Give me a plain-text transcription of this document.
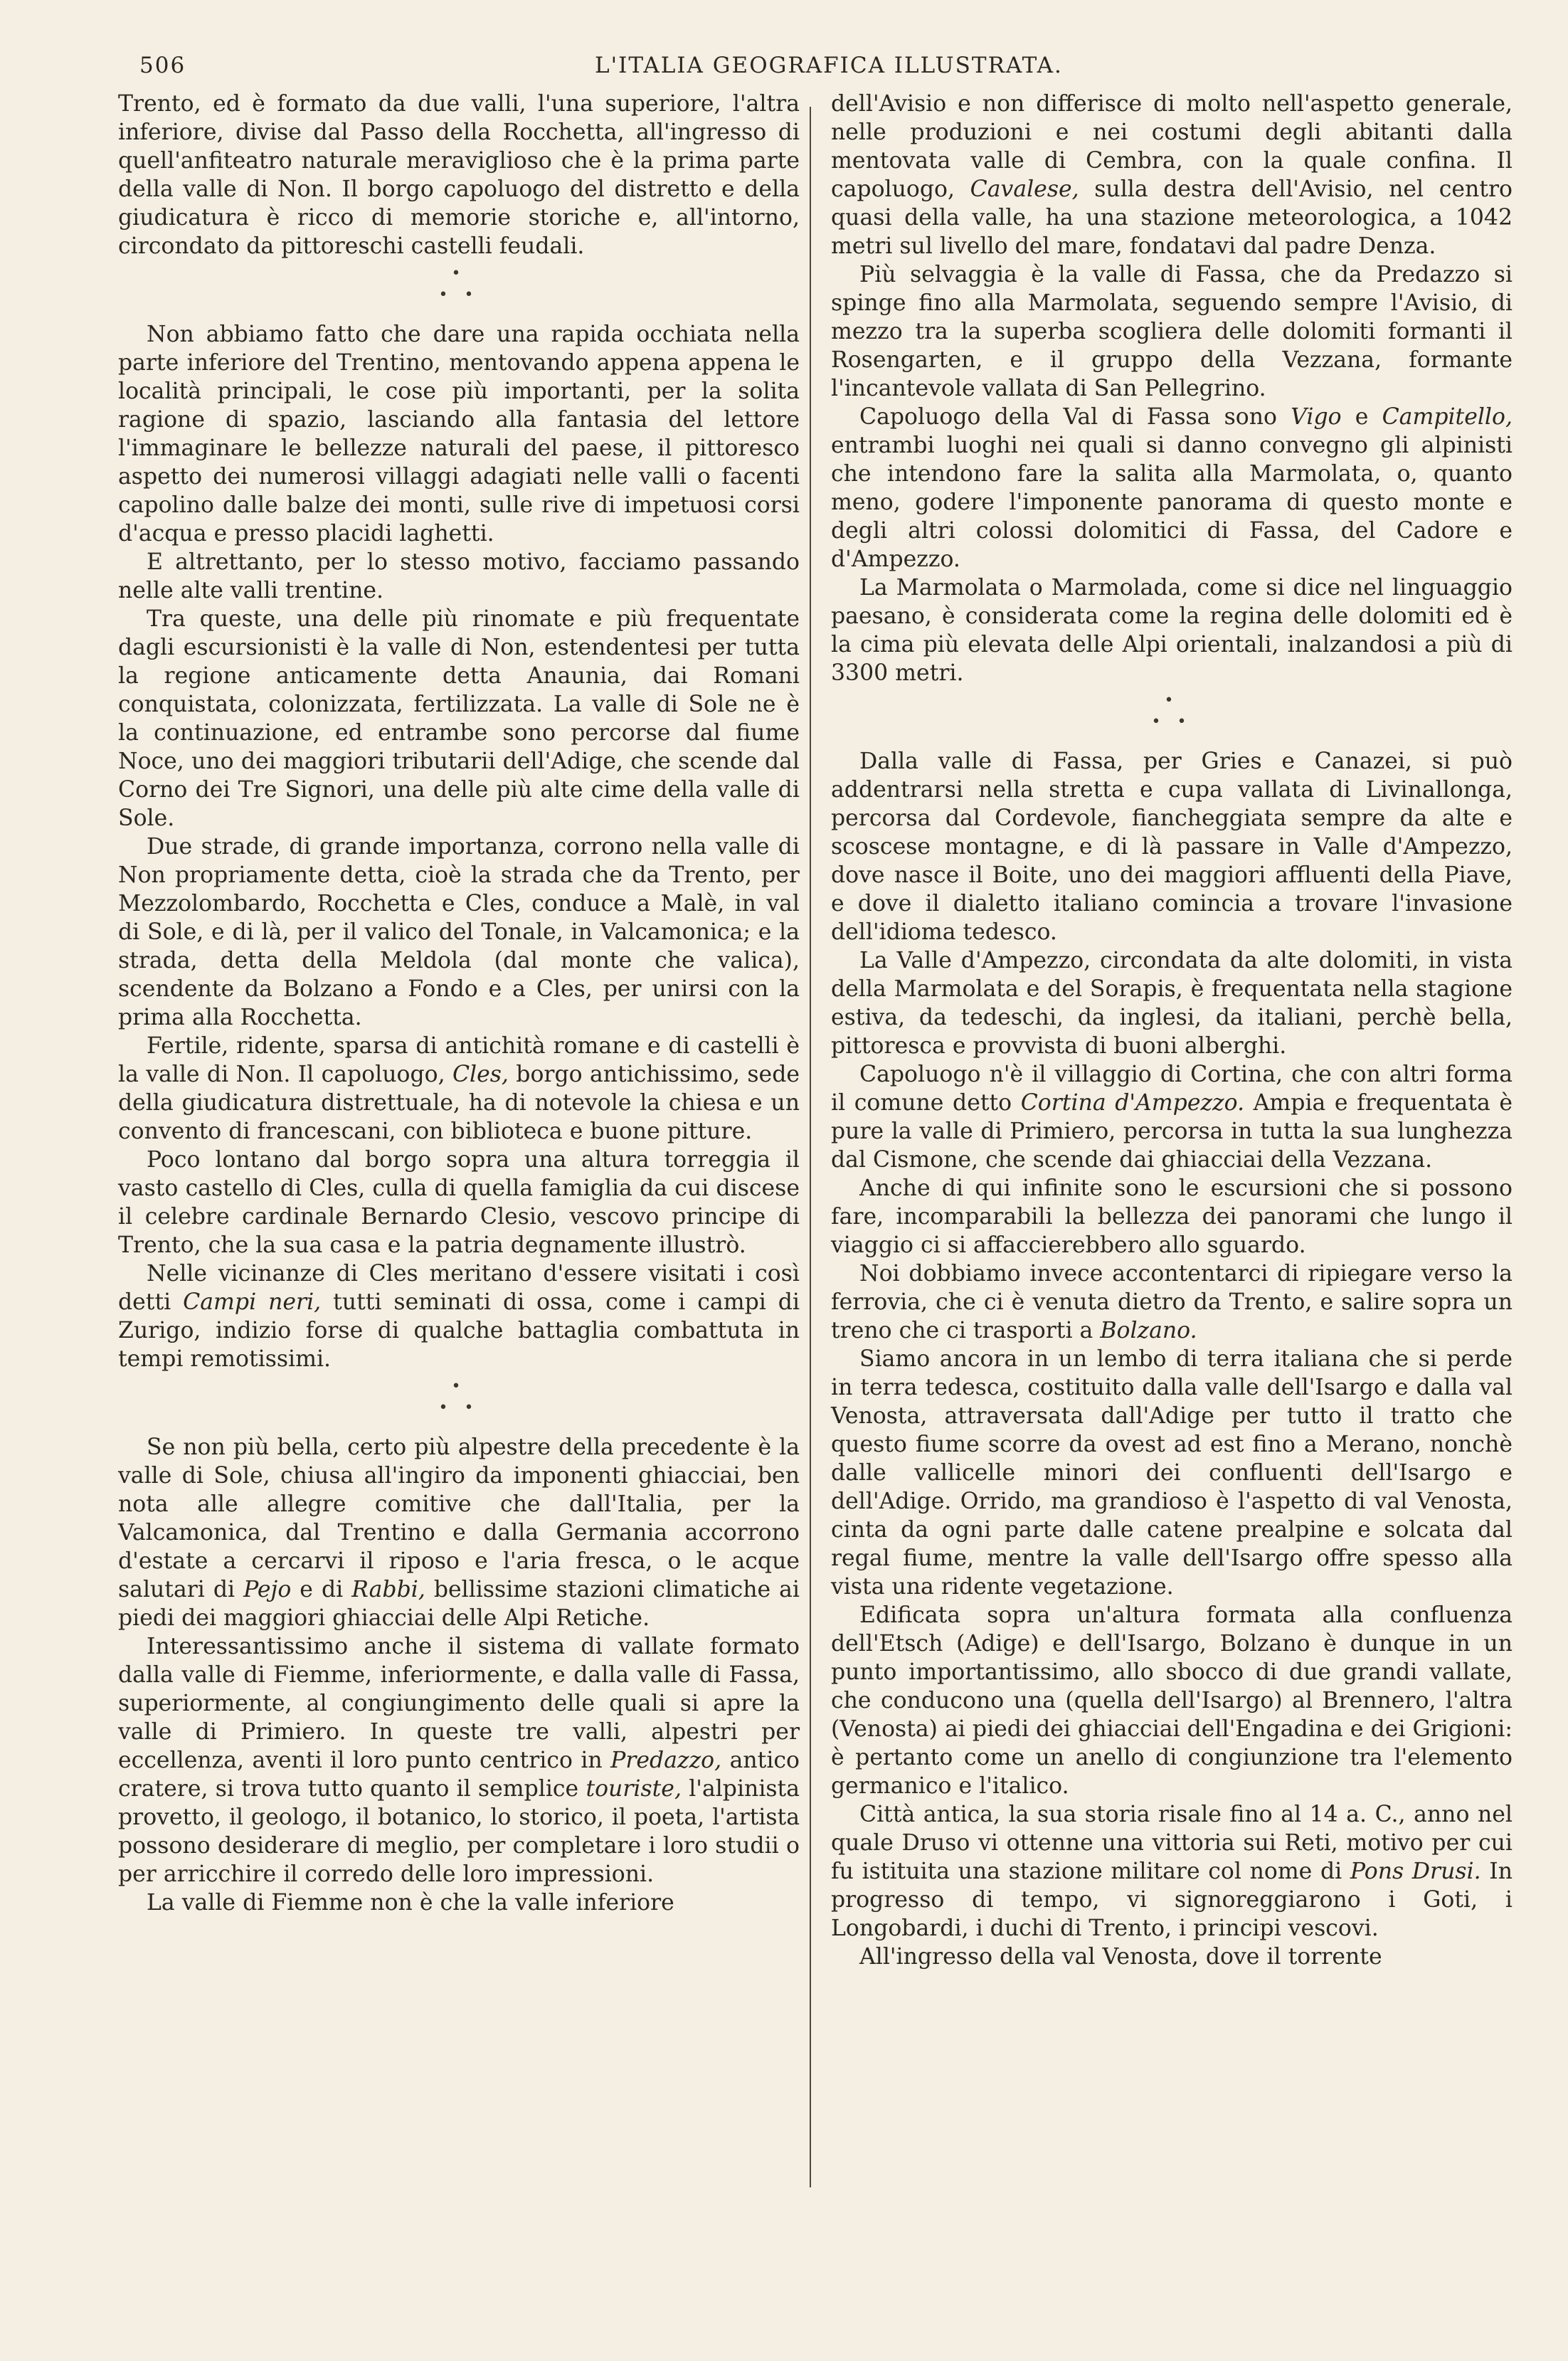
506	L'ITALIA GEOGRAFICA ILLUSTRATA.

Trento, ed è formato da due valli, l'una superiore, l'altra inferiore, divise dal Passo della Rocchetta, all'ingresso di quell'anfiteatro naturale meraviglioso che è la prima parte della valle di Non. Il borgo capoluogo del distretto e della giudicatura è ricco di memorie storiche e, all'intorno, circondato da pittoreschi castelli feudali.

•
• •

Non abbiamo fatto che dare una rapida occhiata nella parte inferiore del Trentino, mentovando appena appena le località principali, le cose più importanti, per la solita ragione di spazio, lasciando alla fantasia del lettore l'immaginare le bellezze naturali del paese, il pittoresco aspetto dei numerosi villaggi adagiati nelle valli o facenti capolino dalle balze dei monti, sulle rive di impetuosi corsi d'acqua e presso placidi laghetti.

E altrettanto, per lo stesso motivo, facciamo passando nelle alte valli trentine.

Tra queste, una delle più rinomate e più frequentate dagli escursionisti è la valle di Non, estendentesi per tutta la regione anticamente detta Anaunia, dai Romani conquistata, colonizzata, fertilizzata. La valle di Sole ne è la continuazione, ed entrambe sono percorse dal fiume Noce, uno dei maggiori tributarii dell'Adige, che scende dal Corno dei Tre Signori, una delle più alte cime della valle di Sole.

Due strade, di grande importanza, corrono nella valle di Non propriamente detta, cioè la strada che da Trento, per Mezzolombardo, Rocchetta e Cles, conduce a Malè, in val di Sole, e di là, per il valico del Tonale, in Valcamonica; e la strada, detta della Meldola (dal monte che valica), scendente da Bolzano a Fondo e a Cles, per unirsi con la prima alla Rocchetta.

Fertile, ridente, sparsa di antichità romane e di castelli è la valle di Non. Il capoluogo, Cles, borgo antichissimo, sede della giudicatura distrettuale, ha di notevole la chiesa e un convento di francescani, con biblioteca e buone pitture.

Poco lontano dal borgo sopra una altura torreggia il vasto castello di Cles, culla di quella famiglia da cui discese il celebre cardinale Bernardo Clesio, vescovo principe di Trento, che la sua casa e la patria degnamente illustrò.

Nelle vicinanze di Cles meritano d'essere visitati i così detti Campi neri, tutti seminati di ossa, come i campi di Zurigo, indizio forse di qualche battaglia combattuta in tempi remotissimi.

•
• •

Se non più bella, certo più alpestre della precedente è la valle di Sole, chiusa all'ingiro da imponenti ghiacciai, ben nota alle allegre comitive che dall'Italia, per la Valcamonica, dal Trentino e dalla Germania accorrono d'estate a cercarvi il riposo e l'aria fresca, o le acque salutari di Pejo e di Rabbi, bellissime stazioni climatiche ai piedi dei maggiori ghiacciai delle Alpi Retiche.

Interessantissimo anche il sistema di vallate formato dalla valle di Fiemme, inferiormente, e dalla valle di Fassa, superiormente, al congiungimento delle quali si apre la valle di Primiero. In queste tre valli, alpestri per eccellenza, aventi il loro punto centrico in Predazzo, antico cratere, si trova tutto quanto il semplice touriste, l'alpinista provetto, il geologo, il botanico, lo storico, il poeta, l'artista possono desiderare di meglio, per completare i loro studii o per arricchire il corredo delle loro impressioni.

La valle di Fiemme non è che la valle inferiore

dell'Avisio e non differisce di molto nell'aspetto generale, nelle produzioni e nei costumi degli abitanti dalla mentovata valle di Cembra, con la quale confina. Il capoluogo, Cavalese, sulla destra dell'Avisio, nel centro quasi della valle, ha una stazione meteorologica, a 1042 metri sul livello del mare, fondatavi dal padre Denza.

Più selvaggia è la valle di Fassa, che da Predazzo si spinge fino alla Marmolata, seguendo sempre l'Avisio, di mezzo tra la superba scogliera delle dolomiti formanti il Rosengarten, e il gruppo della Vezzana, formante l'incantevole vallata di San Pellegrino.

Capoluogo della Val di Fassa sono Vigo e Campitello, entrambi luoghi nei quali si danno convegno gli alpinisti che intendono fare la salita alla Marmolata, o, quanto meno, godere l'imponente panorama di questo monte e degli altri colossi dolomitici di Fassa, del Cadore e d'Ampezzo.

La Marmolata o Marmolada, come si dice nel linguaggio paesano, è considerata come la regina delle dolomiti ed è la cima più elevata delle Alpi orientali, inalzandosi a più di 3300 metri.

•
• •

Dalla valle di Fassa, per Gries e Canazei, si può addentrarsi nella stretta e cupa vallata di Livinallonga, percorsa dal Cordevole, fiancheggiata sempre da alte e scoscese montagne, e di là passare in Valle d'Ampezzo, dove nasce il Boite, uno dei maggiori affluenti della Piave, e dove il dialetto italiano comincia a trovare l'invasione dell'idioma tedesco.

La Valle d'Ampezzo, circondata da alte dolomiti, in vista della Marmolata e del Sorapis, è frequentata nella stagione estiva, da tedeschi, da inglesi, da italiani, perchè bella, pittoresca e provvista di buoni alberghi.

Capoluogo n'è il villaggio di Cortina, che con altri forma il comune detto Cortina d'Ampezzo. Ampia e frequentata è pure la valle di Primiero, percorsa in tutta la sua lunghezza dal Cismone, che scende dai ghiacciai della Vezzana.

Anche di qui infinite sono le escursioni che si possono fare, incomparabili la bellezza dei panorami che lungo il viaggio ci si affaccierebbero allo sguardo.

Noi dobbiamo invece accontentarci di ripiegare verso la ferrovia, che ci è venuta dietro da Trento, e salire sopra un treno che ci trasporti a Bolzano.

Siamo ancora in un lembo di terra italiana che si perde in terra tedesca, costituito dalla valle dell'Isargo e dalla val Venosta, attraversata dall'Adige per tutto il tratto che questo fiume scorre da ovest ad est fino a Merano, nonchè dalle vallicelle minori dei confluenti dell'Isargo e dell'Adige. Orrido, ma grandioso è l'aspetto di val Venosta, cinta da ogni parte dalle catene prealpine e solcata dal regal fiume, mentre la valle dell'Isargo offre spesso alla vista una ridente vegetazione.

Edificata sopra un'altura formata alla confluenza dell'Etsch (Adige) e dell'Isargo, Bolzano è dunque in un punto importantissimo, allo sbocco di due grandi vallate, che conducono una (quella dell'Isargo) al Brennero, l'altra (Venosta) ai piedi dei ghiacciai dell'Engadina e dei Grigioni: è pertanto come un anello di congiunzione tra l'elemento germanico e l'italico.

Città antica, la sua storia risale fino al 14 a. C., anno nel quale Druso vi ottenne una vittoria sui Reti, motivo per cui fu istituita una stazione militare col nome di Pons Drusi. In progresso di tempo, vi signoreggiarono i Goti, i Longobardi, i duchi di Trento, i principi vescovi.

All'ingresso della val Venosta, dove il torrente
